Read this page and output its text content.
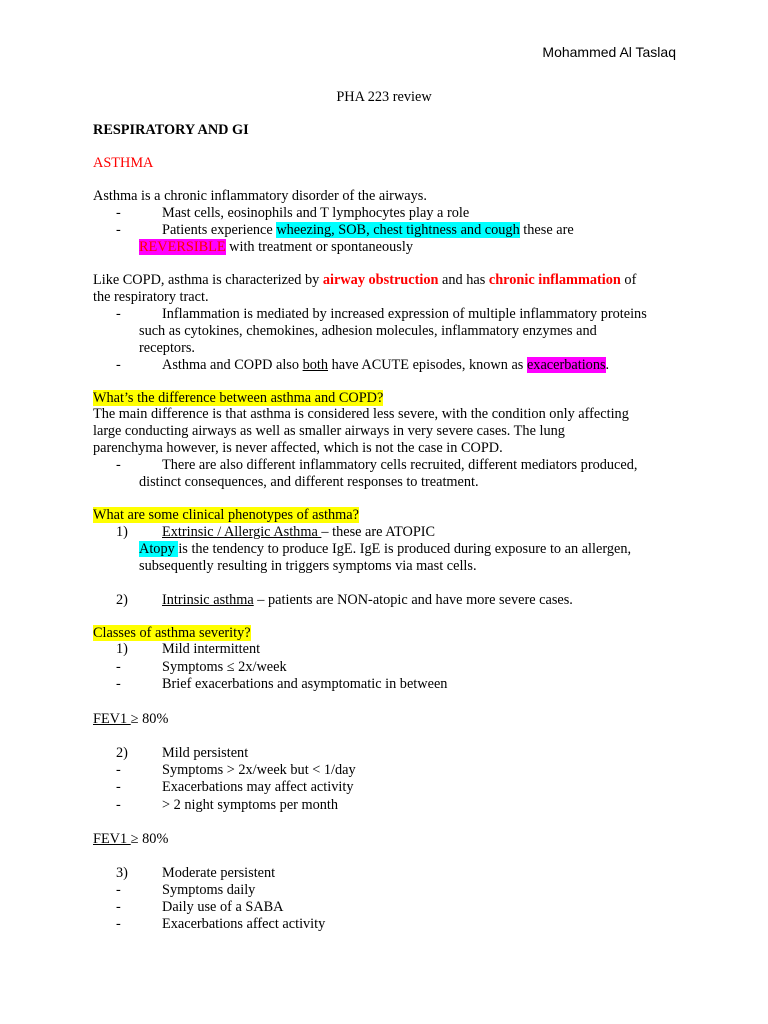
Mohammed Al Taslaq
PHA 223 review
RESPIRATORY AND GI
ASTHMA
Asthma is a chronic inflammatory disorder of the airways.
-	Mast cells, eosinophils and T lymphocytes play a role
-	Patients experience wheezing, SOB, chest tightness and cough these are
REVERSIBLE with treatment or spontaneously
Like COPD, asthma is characterized by airway obstruction and has chronic inflammation of
the respiratory tract.
-	Inflammation is mediated by increased expression of multiple inflammatory proteins
such as cytokines, chemokines, adhesion molecules, inflammatory enzymes and
receptors.
-	Asthma and COPD also both have ACUTE episodes, known as exacerbations.
What’s the difference between asthma and COPD?
The main difference is that asthma is considered less severe, with the condition only affecting
large conducting airways as well as smaller airways in very severe cases. The lung
parenchyma however, is never affected, which is not the case in COPD.
-	There are also different inflammatory cells recruited, different mediators produced,
distinct consequences, and different responses to treatment.
What are some clinical phenotypes of asthma?
1) Extrinsic / Allergic Asthma – these are ATOPIC
Atopy is the tendency to produce IgE. IgE is produced during exposure to an allergen,
subsequently resulting in triggers symptoms via mast cells.
2) Intrinsic asthma – patients are NON-atopic and have more severe cases.
Classes of asthma severity?
1) Mild intermittent
-	Symptoms ≤ 2x/week
-	Brief exacerbations and asymptomatic in between
FEV1 ≥ 80%
2) Mild persistent
-	Symptoms > 2x/week but < 1/day
-	Exacerbations may affect activity
-	> 2 night symptoms per month
FEV1 ≥ 80%
3) Moderate persistent
-	Symptoms daily
-	Daily use of a SABA
-	Exacerbations affect activity
